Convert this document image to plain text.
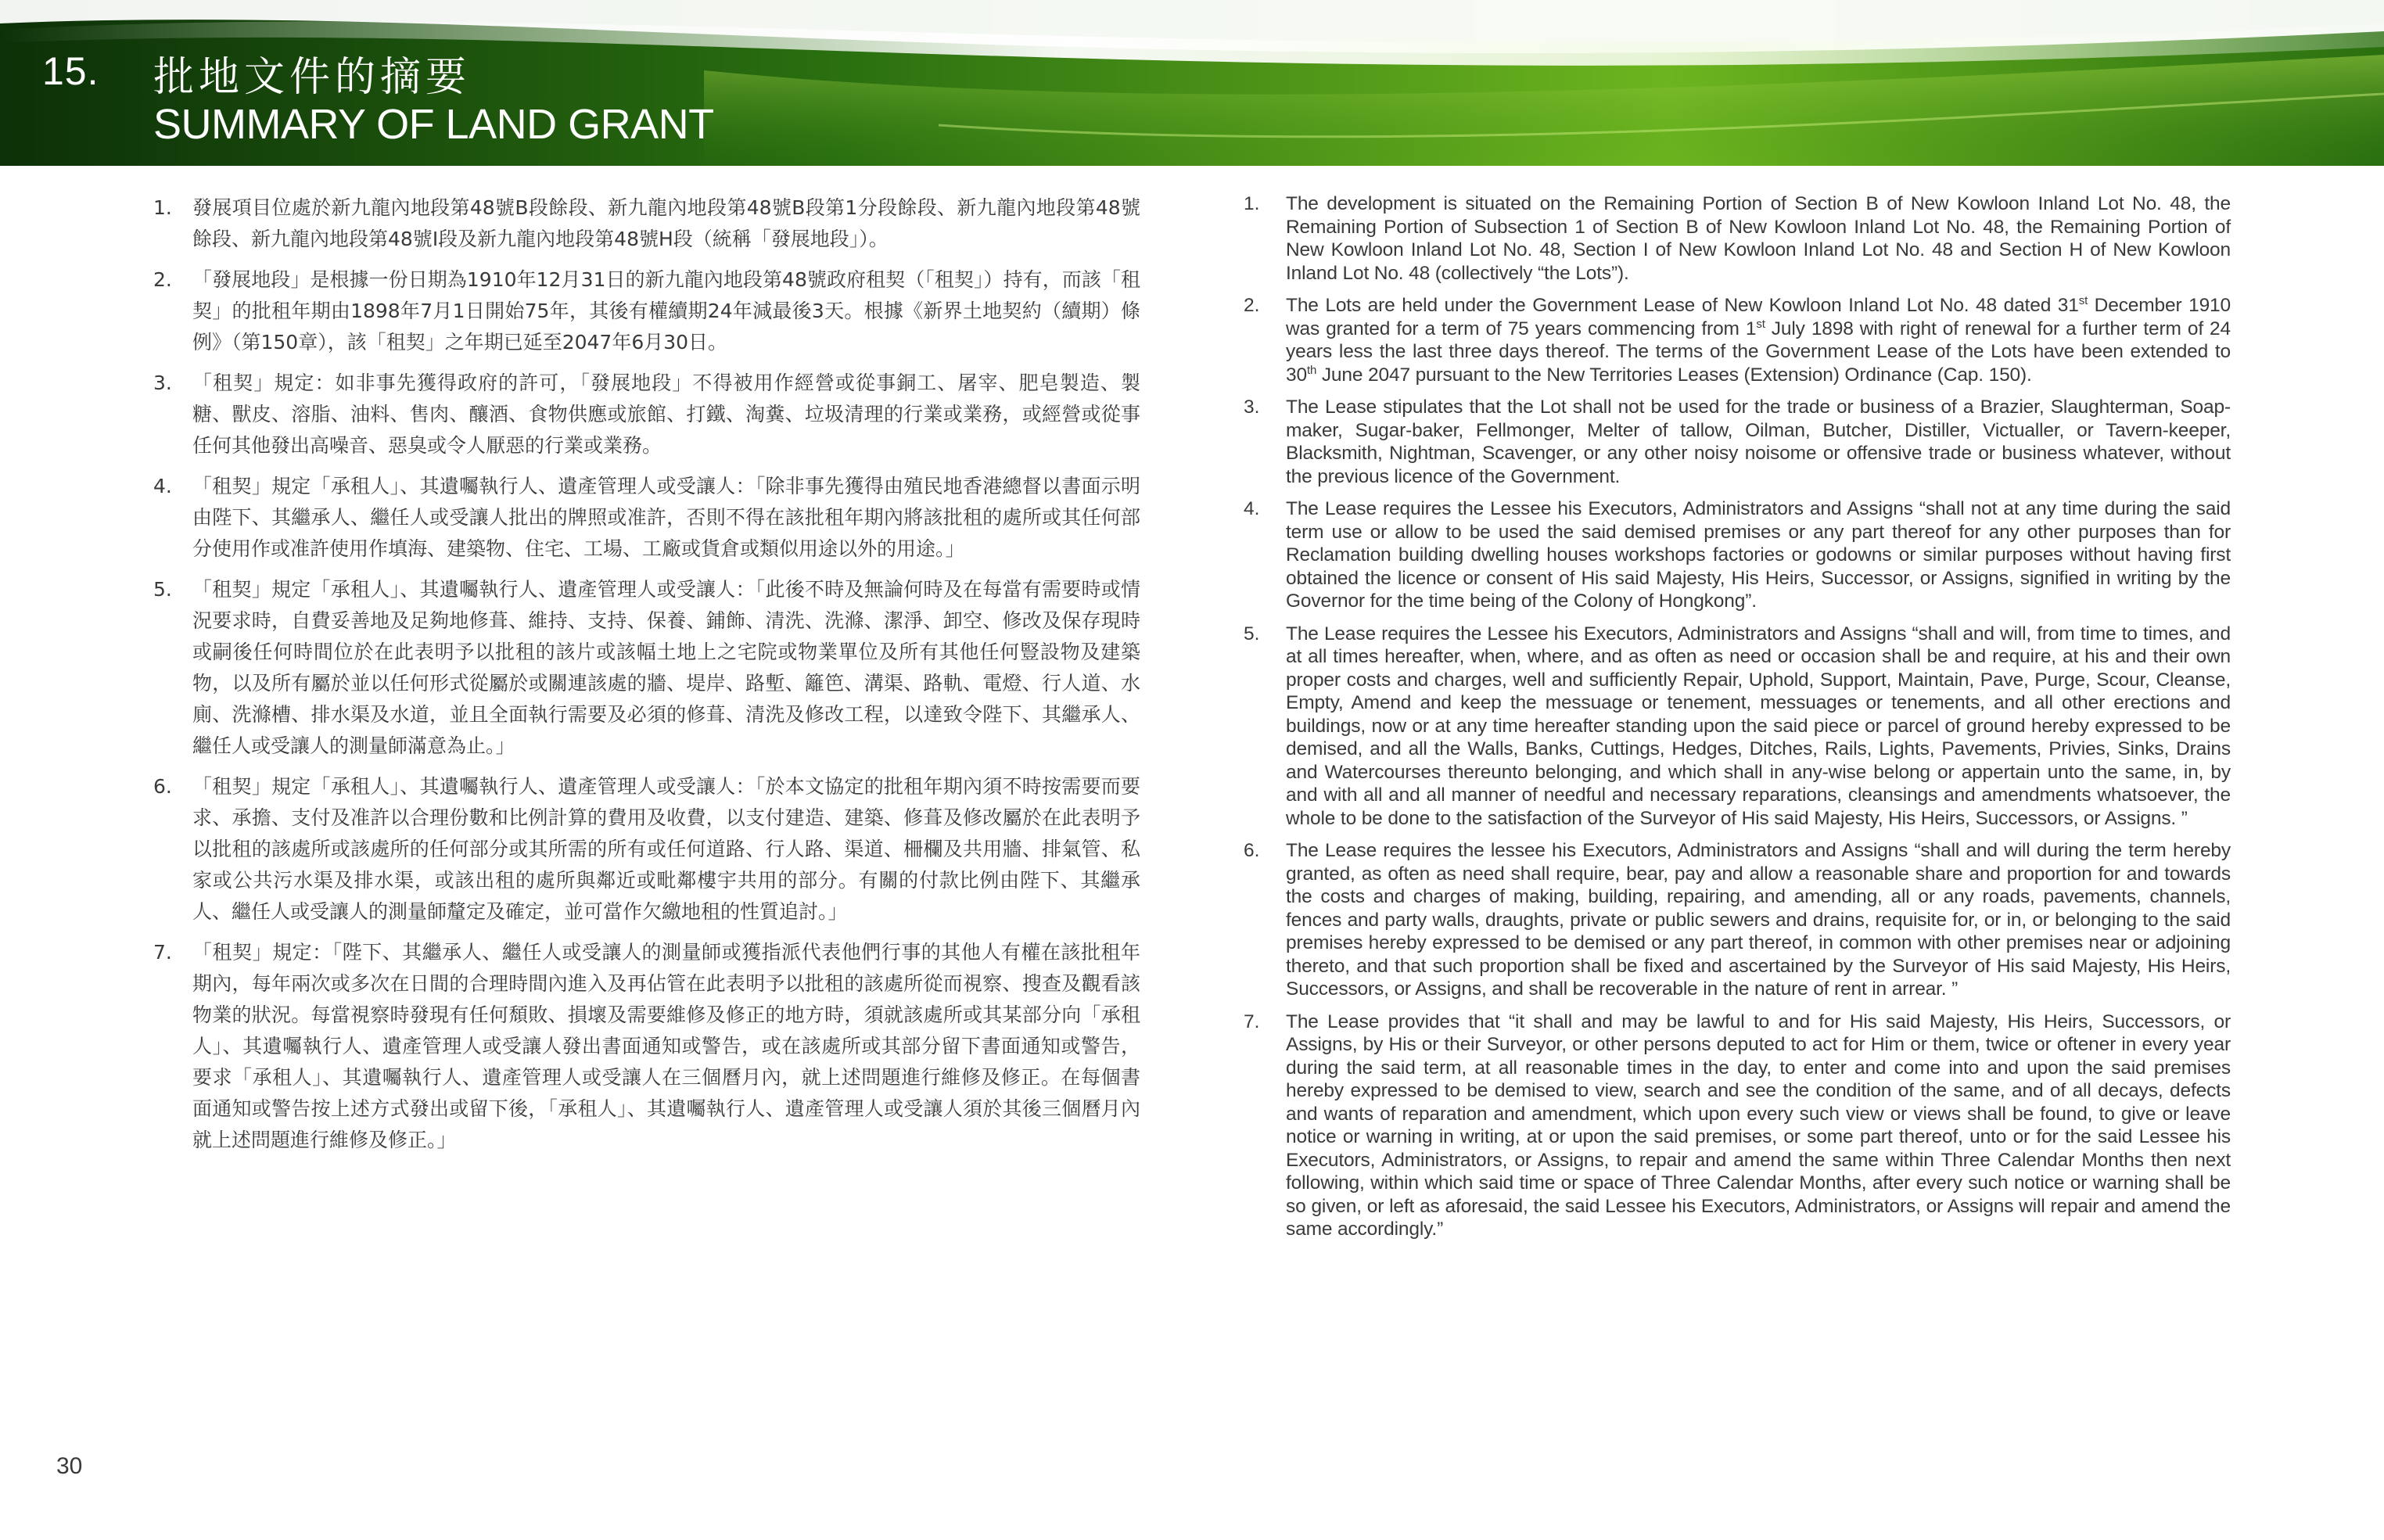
15. 批地文件的摘要
SUMMARY OF LAND GRANT
1. 發展項目位處於新九龍內地段第48號B段餘段、新九龍內地段第48號B段第1分段餘段、新九龍內地段第48號餘段、新九龍內地段第48號I段及新九龍內地段第48號H段（統稱「發展地段」）。

2. 「發展地段」是根據一份日期為1910年12月31日的新九龍內地段第48號政府租契（「租契」）持有，而該「租契」的批租年期由1898年7月1日開始75年，其後有權續期24年減最後3天。根據《新界土地契約（續期）條例》（第150章），該「租契」之年期已延至2047年6月30日。

3. 「租契」規定：如非事先獲得政府的許可，「發展地段」不得被用作經營或從事銅工、屠宰、肥皂製造、製糖、獸皮、溶脂、油料、售肉、釀酒、食物供應或旅館、打鐵、淘糞、垃圾清理的行業或業務，或經營或從事任何其他發出高噪音、惡臭或令人厭惡的行業或業務。

4. 「租契」規定「承租人」、其遺囑執行人、遺產管理人或受讓人：「除非事先獲得由殖民地香港總督以書面示明由陛下、其繼承人、繼任人或受讓人批出的牌照或准許，否則不得在該批租年期內將該批租的處所或其任何部分使用作或准許使用作填海、建築物、住宅、工場、工廠或貨倉或類似用途以外的用途。」

5. 「租契」規定「承租人」、其遺囑執行人、遺產管理人或受讓人：「此後不時及無論何時及在每當有需要時或情況要求時，自費妥善地及足夠地修葺、維持、支持、保養、鋪飾、清洗、洗滌、潔淨、卸空、修改及保存現時或嗣後任何時間位於在此表明予以批租的該片或該幅土地上之宅院或物業單位及所有其他任何豎設物及建築物，以及所有屬於並以任何形式從屬於或關連該處的牆、堤岸、路塹、籬笆、溝渠、路軌、電燈、行人道、水廁、洗滌槽、排水渠及水道，並且全面執行需要及必須的修葺、清洗及修改工程，以達致令陛下、其繼承人、繼任人或受讓人的測量師滿意為止。」

6. 「租契」規定「承租人」、其遺囑執行人、遺產管理人或受讓人：「於本文協定的批租年期內須不時按需要而要求、承擔、支付及准許以合理份數和比例計算的費用及收費，以支付建造、建築、修葺及修改屬於在此表明予以批租的該處所或該處所的任何部分或其所需的所有或任何道路、行人路、渠道、柵欄及共用牆、排氣管、私家或公共污水渠及排水渠，或該出租的處所與鄰近或毗鄰樓宇共用的部分。有關的付款比例由陛下、其繼承人、繼任人或受讓人的測量師釐定及確定，並可當作欠繳地租的性質追討。」

7. 「租契」規定：「陛下、其繼承人、繼任人或受讓人的測量師或獲指派代表他們行事的其他人有權在該批租年期內，每年兩次或多次在日間的合理時間內進入及再佔管在此表明予以批租的該處所從而視察、搜查及觀看該物業的狀況。每當視察時發現有任何頹敗、損壞及需要維修及修正的地方時，須就該處所或其某部分向「承租人」、其遺囑執行人、遺產管理人或受讓人發出書面通知或警告，或在該處所或其部分留下書面通知或警告，要求「承租人」、其遺囑執行人、遺產管理人或受讓人在三個曆月內，就上述問題進行維修及修正。在每個書面通知或警告按上述方式發出或留下後，「承租人」、其遺囑執行人、遺產管理人或受讓人須於其後三個曆月內就上述問題進行維修及修正。」

1. The development is situated on the Remaining Portion of Section B of New Kowloon Inland Lot No. 48, the Remaining Portion of Subsection 1 of Section B of New Kowloon Inland Lot No. 48, the Remaining Portion of New Kowloon Inland Lot No. 48, Section I of New Kowloon Inland Lot No. 48 and Section H of New Kowloon Inland Lot No. 48 (collectively “the Lots”).

2. The Lots are held under the Government Lease of New Kowloon Inland Lot No. 48 dated 31st December 1910 was granted for a term of 75 years commencing from 1st July 1898 with right of renewal for a further term of 24 years less the last three days thereof. The terms of the Government Lease of the Lots have been extended to 30th June 2047 pursuant to the New Territories Leases (Extension) Ordinance (Cap. 150).

3. The Lease stipulates that the Lot shall not be used for the trade or business of a Brazier, Slaughterman, Soap-maker, Sugar-baker, Fellmonger, Melter of tallow, Oilman, Butcher, Distiller, Victualler, or Tavern-keeper, Blacksmith, Nightman, Scavenger, or any other noisy noisome or offensive trade or business whatever, without the previous licence of the Government.

4. The Lease requires the Lessee his Executors, Administrators and Assigns “shall not at any time during the said term use or allow to be used the said demised premises or any part thereof for any other purposes than for Reclamation building dwelling houses workshops factories or godowns or similar purposes without having first obtained the licence or consent of His said Majesty, His Heirs, Successor, or Assigns, signified in writing by the Governor for the time being of the Colony of Hongkong”.

5. The Lease requires the Lessee his Executors, Administrators and Assigns “shall and will, from time to times, and at all times hereafter, when, where, and as often as need or occasion shall be and require, at his and their own proper costs and charges, well and sufficiently Repair, Uphold, Support, Maintain, Pave, Purge, Scour, Cleanse, Empty, Amend and keep the messuage or tenement, messuages or tenements, and all other erections and buildings, now or at any time hereafter standing upon the said piece or parcel of ground hereby expressed to be demised, and all the Walls, Banks, Cuttings, Hedges, Ditches, Rails, Lights, Pavements, Privies, Sinks, Drains and Watercourses thereunto belonging, and which shall in any-wise belong or appertain unto the same, in, by and with all and all manner of needful and necessary reparations, cleansings and amendments whatsoever, the whole to be done to the satisfaction of the Surveyor of His said Majesty, His Heirs, Successors, or Assigns. ”

6. The Lease requires the lessee his Executors, Administrators and Assigns “shall and will during the term hereby granted, as often as need shall require, bear, pay and allow a reasonable share and proportion for and towards the costs and charges of making, building, repairing, and amending, all or any roads, pavements, channels, fences and party walls, draughts, private or public sewers and drains, requisite for, or in, or belonging to the said premises hereby expressed to be demised or any part thereof, in common with other premises near or adjoining thereto, and that such proportion shall be fixed and ascertained by the Surveyor of His said Majesty, His Heirs, Successors, or Assigns, and shall be recoverable in the nature of rent in arrear. ”

7. The Lease provides that “it shall and may be lawful to and for His said Majesty, His Heirs, Successors, or Assigns, by His or their Surveyor, or other persons deputed to act for Him or them, twice or oftener in every year during the said term, at all reasonable times in the day, to enter and come into and upon the said premises hereby expressed to be demised to view, search and see the condition of the same, and of all decays, defects and wants of reparation and amendment, which upon every such view or views shall be found, to give or leave notice or warning in writing, at or upon the said premises, or some part thereof, unto or for the said Lessee his Executors, Administrators, or Assigns, to repair and amend the same within Three Calendar Months then next following, within which said time or space of Three Calendar Months, after every such notice or warning shall be so given, or left as aforesaid, the said Lessee his Executors, Administrators, or Assigns will repair and amend the same accordingly.”

30
